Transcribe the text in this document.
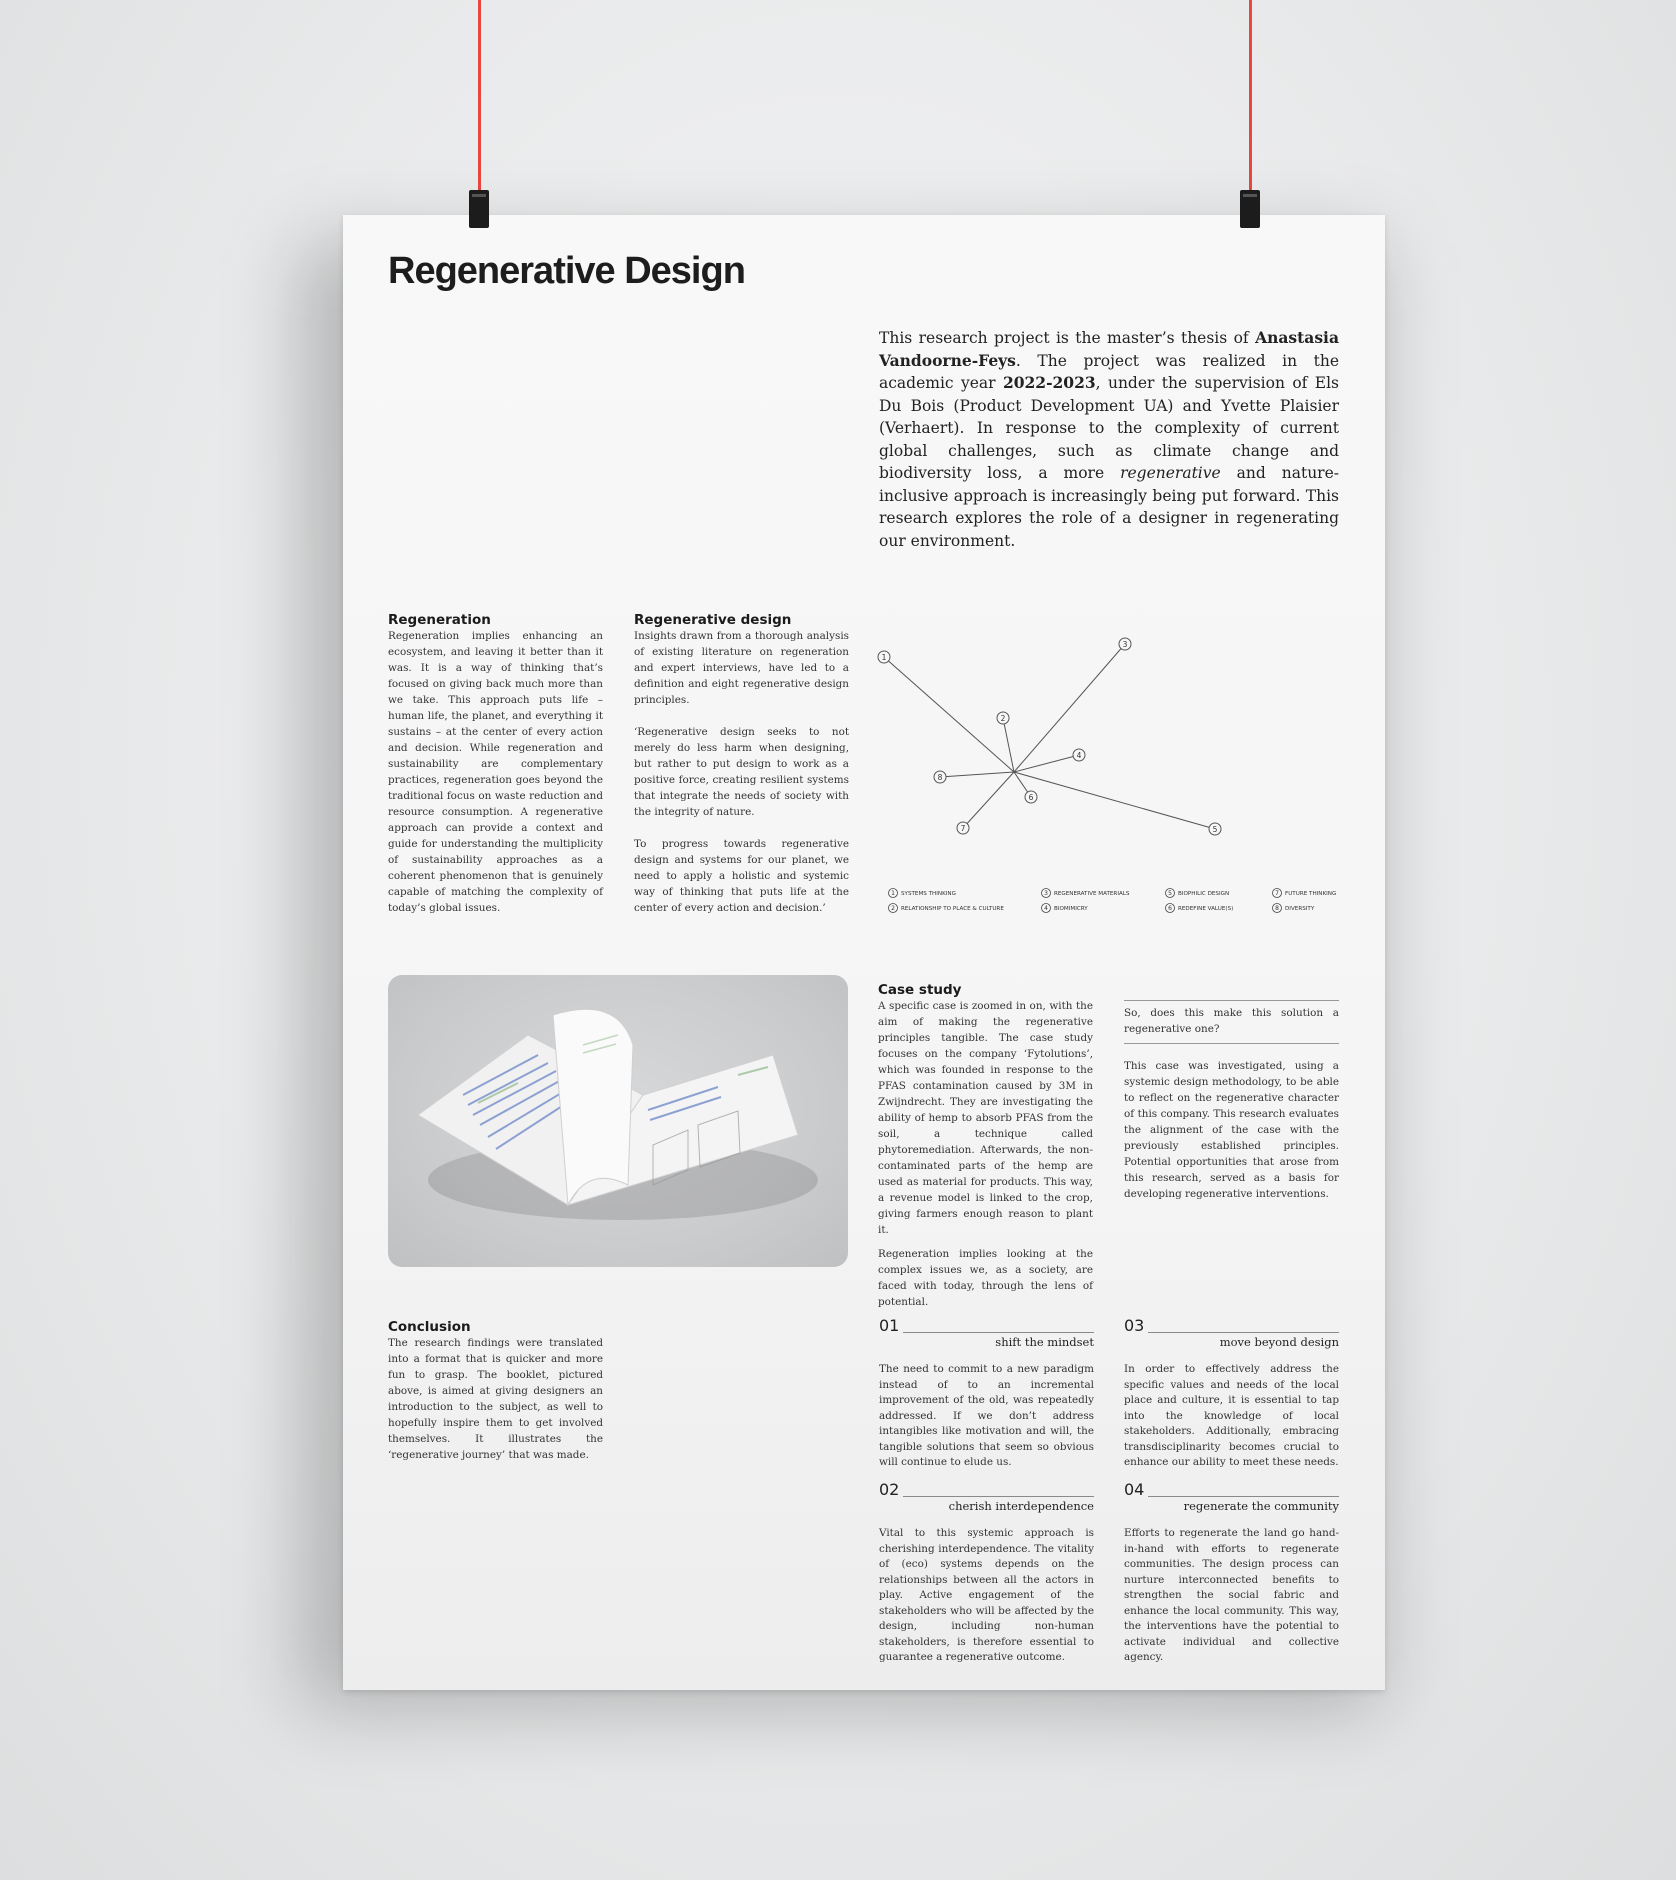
Regenerative Design
This research project is the master’s thesis of Anastasia Vandoorne-Feys. The project was realized in the academic year 2022-2023, under the supervision of Els Du Bois (Product Development UA) and Yvette Plaisier (Verhaert). In response to the complexity of current global challenges, such as climate change and biodiversity loss, a more regenerative and nature-inclusive approach is increasingly being put forward. This research explores the role of a designer in regenerating our environment.
Regeneration

Regeneration implies enhancing an ecosystem, and leaving it better than it was. It is a way of thinking that’s focused on giving back much more than we take. This approach puts life – human life, the planet, and everything it sustains – at the center of every action and decision. While regeneration and sustainability are complementary practices, regeneration goes beyond the traditional focus on waste reduction and resource consumption. A regenerative approach can provide a context and guide for understanding the multiplicity of sustainability approaches as a coherent phenomenon that is genuinely capable of matching the complexity of today’s global issues.

Regenerative design

Insights drawn from a thorough analysis of existing literature on regeneration and expert interviews, have led to a definition and eight regenerative design principles.

‘Regenerative design seeks to not merely do less harm when designing, but rather to put design to work as a positive force, creating resilient systems that integrate the needs of society with the integrity of nature.

To progress towards regenerative design and systems for our planet, we need to apply a holistic and systemic way of thinking that puts life at the center of every action and decision.’

1
2
3
4
5
6
7
8
1 SYSTEMS THINKING
2 RELATIONSHIP TO PLACE & CULTURE
3 REGENERATIVE MATERIALS
4 BIOMIMICRY
5 BIOPHILIC DESIGN
6 REDEFINE VALUE(S)
7 FUTURE THINKING
8 DIVERSITY
Case study

A specific case is zoomed in on, with the aim of making the regenerative principles tangible. The case study focuses on the company ‘Fytolutions’, which was founded in response to the PFAS contamination caused by 3M in Zwijndrecht. They are investigating the ability of hemp to absorb PFAS from the soil, a technique called phytoremediation. Afterwards, the non-contaminated parts of the hemp are used as material for products. This way, a revenue model is linked to the crop, giving farmers enough reason to plant it.

Regeneration implies looking at the complex issues we, as a society, are faced with today, through the lens of potential.

So, does this make this solution a regenerative one?
This case was investigated, using a systemic design methodology, to be able to reflect on the regenerative character of this company. This research evaluates the alignment of the case with the previously established principles. Potential opportunities that arose from this research, served as a basis for developing regenerative interventions.
Conclusion

The research findings were translated into a format that is quicker and more fun to grasp. The booklet, pictured above, is aimed at giving designers an introduction to the subject, as well to hopefully inspire them to get involved themselves. It illustrates the ‘regenerative journey’ that was made.

01
shift the mindset
The need to commit to a new paradigm instead of to an incremental improvement of the old, was repeatedly addressed. If we don’t address intangibles like motivation and will, the tangible solutions that seem so obvious will continue to elude us.
03
move beyond design
In order to effectively address the specific values and needs of the local place and culture, it is essential to tap into the knowledge of local stakeholders. Additionally, embracing transdisciplinarity becomes crucial to enhance our ability to meet these needs.
02
cherish interdependence
Vital to this systemic approach is cherishing interdependence. The vitality of (eco) systems depends on the relationships between all the actors in play. Active engagement of the stakeholders who will be affected by the design, including non-human stakeholders, is therefore essential to guarantee a regenerative outcome.
04
regenerate the community
Efforts to regenerate the land go hand-in-hand with efforts to regenerate communities. The design process can nurture interconnected benefits to strengthen the social fabric and enhance the local community. This way, the interventions have the potential to activate individual and collective agency.
